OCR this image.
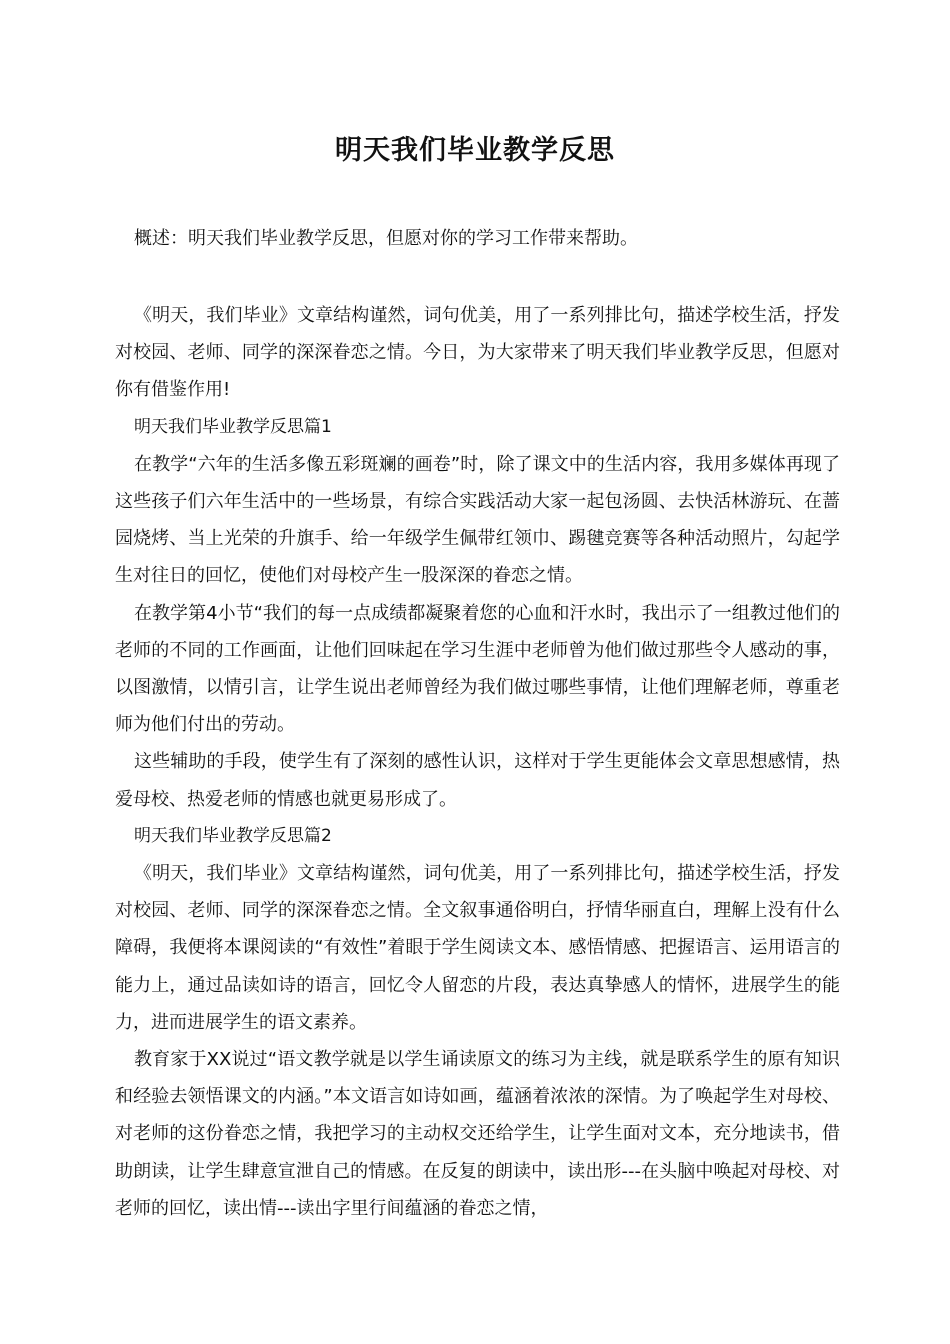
明天我们毕业教学反思
概述：明天我们毕业教学反思，但愿对你的学习工作带来帮助。

《明天，我们毕业》文章结构谨然，词句优美，用了一系列排比句，描述学校生活，抒发对校园、老师、同学的深深眷恋之情。今日，为大家带来了明天我们毕业教学反思，但愿对你有借鉴作用!

明天我们毕业教学反思篇1

在教学“六年的生活多像五彩斑斓的画卷”时，除了课文中的生活内容，我用多媒体再现了这些孩子们六年生活中的一些场景，有综合实践活动大家一起包汤圆、去快活林游玩、在蔷园烧烤、当上光荣的升旗手、给一年级学生佩带红领巾、踢毽竞赛等各种活动照片，勾起学生对往日的回忆，使他们对母校产生一股深深的眷恋之情。

在教学第4小节“我们的每一点成绩都凝聚着您的心血和汗水时，我出示了一组教过他们的老师的不同的工作画面，让他们回味起在学习生涯中老师曾为他们做过那些令人感动的事，以图激情，以情引言，让学生说出老师曾经为我们做过哪些事情，让他们理解老师，尊重老师为他们付出的劳动。

这些辅助的手段，使学生有了深刻的感性认识，这样对于学生更能体会文章思想感情，热爱母校、热爱老师的情感也就更易形成了。

明天我们毕业教学反思篇2

《明天，我们毕业》文章结构谨然，词句优美，用了一系列排比句，描述学校生活，抒发对校园、老师、同学的深深眷恋之情。全文叙事通俗明白，抒情华丽直白，理解上没有什么障碍，我便将本课阅读的“有效性”着眼于学生阅读文本、感悟情感、把握语言、运用语言的能力上，通过品读如诗的语言，回忆令人留恋的片段，表达真挚感人的情怀，进展学生的能力，进而进展学生的语文素养。

教育家于XX说过“语文教学就是以学生诵读原文的练习为主线，就是联系学生的原有知识和经验去领悟课文的内涵。”本文语言如诗如画，蕴涵着浓浓的深情。为了唤起学生对母校、对老师的这份眷恋之情，我把学习的主动权交还给学生，让学生面对文本，充分地读书，借助朗读，让学生肆意宣泄自己的情感。在反复的朗读中，读出形---在头脑中唤起对母校、对老师的回忆，读出情---读出字里行间蕴涵的眷恋之情，
